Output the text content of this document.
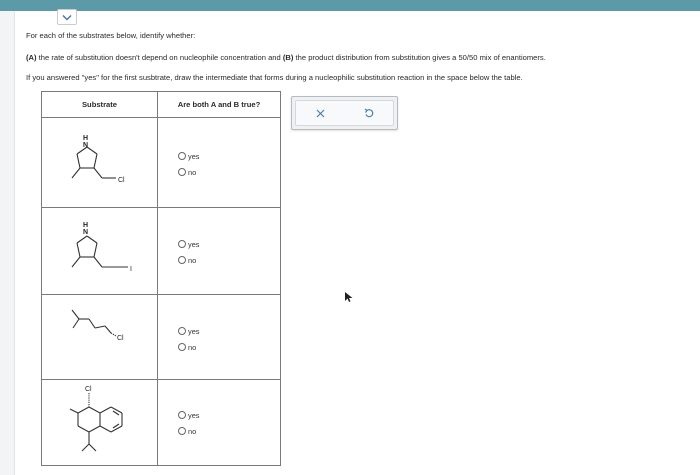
For each of the substrates below, identify whether:
(A) the rate of substitution doesn't depend on nucleophile concentration and (B) the product distribution from substitution gives a 50/50 mix of enantiomers.
If you answered "yes" for the first susbtrate, draw the intermediate that forms during a nucleophilic substitution reaction in the space below the table.
Substrate	Are both A and B true?
H
N
Cl
yes
no
H
N
I
yes
no
Cl
yes
no
Cl
yes
no
